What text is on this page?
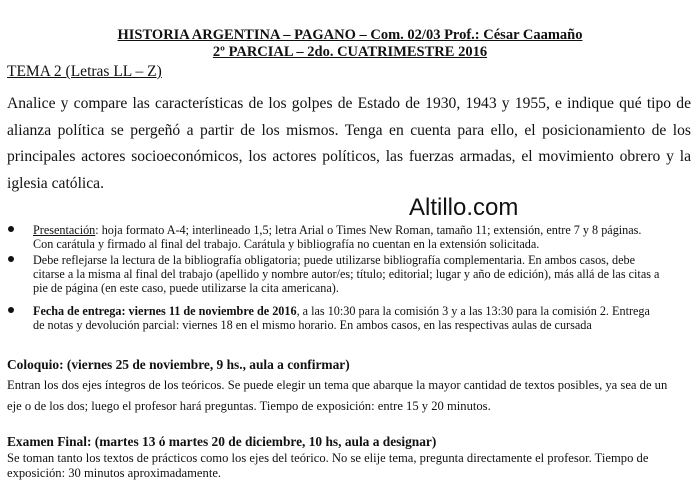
HISTORIA ARGENTINA – PAGANO – Com. 02/03 Prof.: César Caamaño
2º PARCIAL – 2do. CUATRIMESTRE 2016
TEMA 2 (Letras LL – Z)
Analice y compare las características de los golpes de Estado de 1930, 1943 y 1955, e indique qué tipo de
alianza política se pergeñó a partir de los mismos. Tenga en cuenta para ello, el posicionamiento de los
principales actores socioeconómicos, los actores políticos, las fuerzas armadas, el movimiento obrero y la
iglesia católica.
Altillo.com
Presentación: hoja formato A-4; interlineado 1,5; letra Arial o Times New Roman, tamaño 11; extensión, entre 7 y 8 páginas.
Con carátula y firmado al final del trabajo. Carátula y bibliografía no cuentan en la extensión solicitada.
Debe reflejarse la lectura de la bibliografía obligatoria; puede utilizarse bibliografía complementaria. En ambos casos, debe
citarse a la misma al final del trabajo (apellido y nombre autor/es; título; editorial; lugar y año de edición), más allá de las citas a
pie de página (en este caso, puede utilizarse la cita americana).
Fecha de entrega: viernes 11 de noviembre de 2016, a las 10:30 para la comisión 3 y a las 13:30 para la comisión 2. Entrega
de notas y devolución parcial: viernes 18 en el mismo horario. En ambos casos, en las respectivas aulas de cursada
Coloquio: (viernes 25 de noviembre, 9 hs., aula a confirmar)
Entran los dos ejes íntegros de los teóricos. Se puede elegir un tema que abarque la mayor cantidad de textos posibles, ya sea de un
eje o de los dos; luego el profesor hará preguntas. Tiempo de exposición: entre 15 y 20 minutos.
Examen Final: (martes 13 ó martes 20 de diciembre, 10 hs, aula a designar)
Se toman tanto los textos de prácticos como los ejes del teórico. No se elije tema, pregunta directamente el profesor. Tiempo de
exposición: 30 minutos aproximadamente.
